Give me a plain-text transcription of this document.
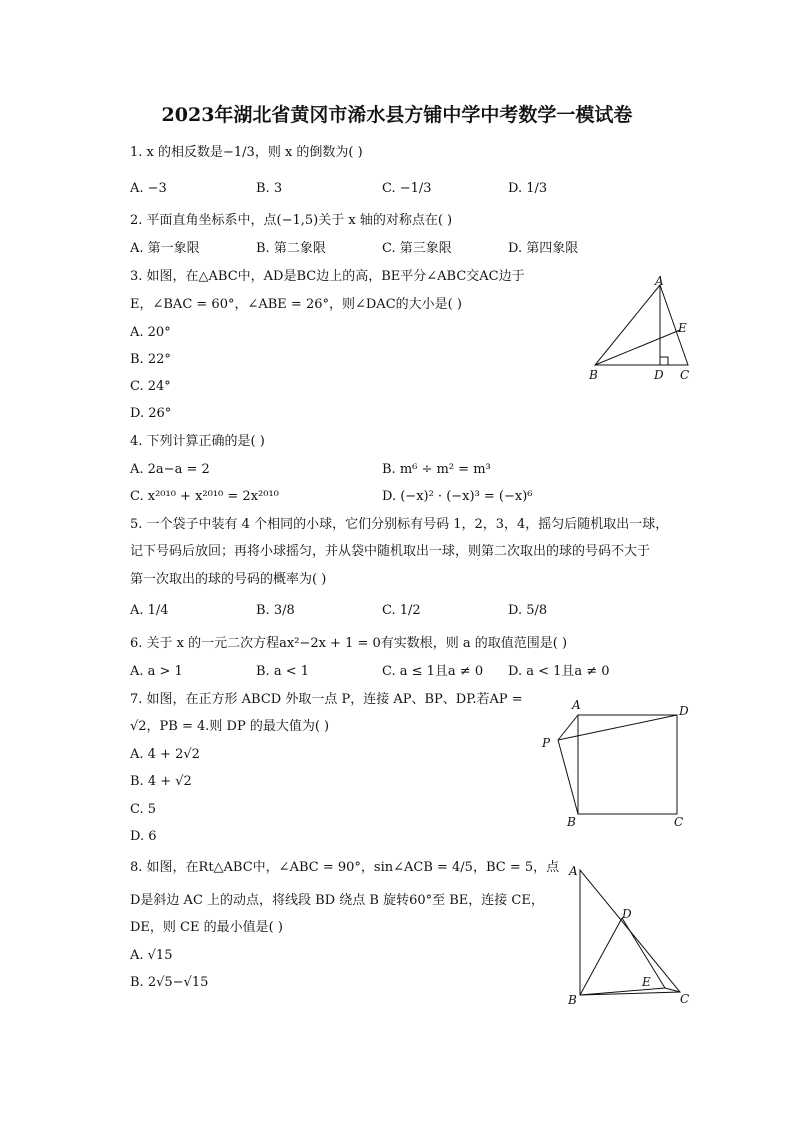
2023年湖北省黄冈市浠水县方铺中学中考数学一模试卷
1. x 的相反数是−1/3，则 x 的倒数为( )
A. −3	B. 3	C. −1/3	D. 1/3
2. 平面直角坐标系中，点(−1,5)关于 x 轴的对称点在( )
A. 第一象限	B. 第二象限	C. 第三象限	D. 第四象限
3. 如图，在△ABC中，AD是BC边上的高，BE平分∠ABC交AC边于
E，∠BAC = 60°，∠ABE = 26°，则∠DAC的大小是( )
A. 20°
B. 22°
C. 24°
D. 26°
A
E
B	D C
4. 下列计算正确的是( )
A. 2a−a = 2	B. m⁶ ÷ m² = m³
C. x²⁰¹⁰ + x²⁰¹⁰ = 2x²⁰¹⁰	D. (−x)² · (−x)³ = (−x)⁶
5. 一个袋子中装有 4 个相同的小球，它们分别标有号码 1，2，3，4，摇匀后随机取出一球，
记下号码后放回；再将小球摇匀，并从袋中随机取出一球，则第二次取出的球的号码不大于
第一次取出的球的号码的概率为( )
A. 1/4	B. 3/8	C. 1/2	D. 5/8
6. 关于 x 的一元二次方程ax²−2x + 1 = 0有实数根，则 a 的取值范围是( )
A. a > 1	B. a < 1	C. a ≤ 1且a ≠ 0 D. a < 1且a ≠ 0
7. 如图，在正方形 ABCD 外取一点 P，连接 AP、BP、DP.若AP =
√2，PB = 4.则 DP 的最大值为( )
A. 4 + 2√2
B. 4 + √2
C. 5
D. 6
A	D
P
B	C
8. 如图，在Rt△ABC中，∠ABC = 90°，sin∠ACB = 4/5，BC = 5，点
D是斜边 AC 上的动点，将线段 BD 绕点 B 旋转60°至 BE，连接 CE，
DE，则 CE 的最小值是( )
A. √15
B. 2√5−√15
A
D
E
B	C
